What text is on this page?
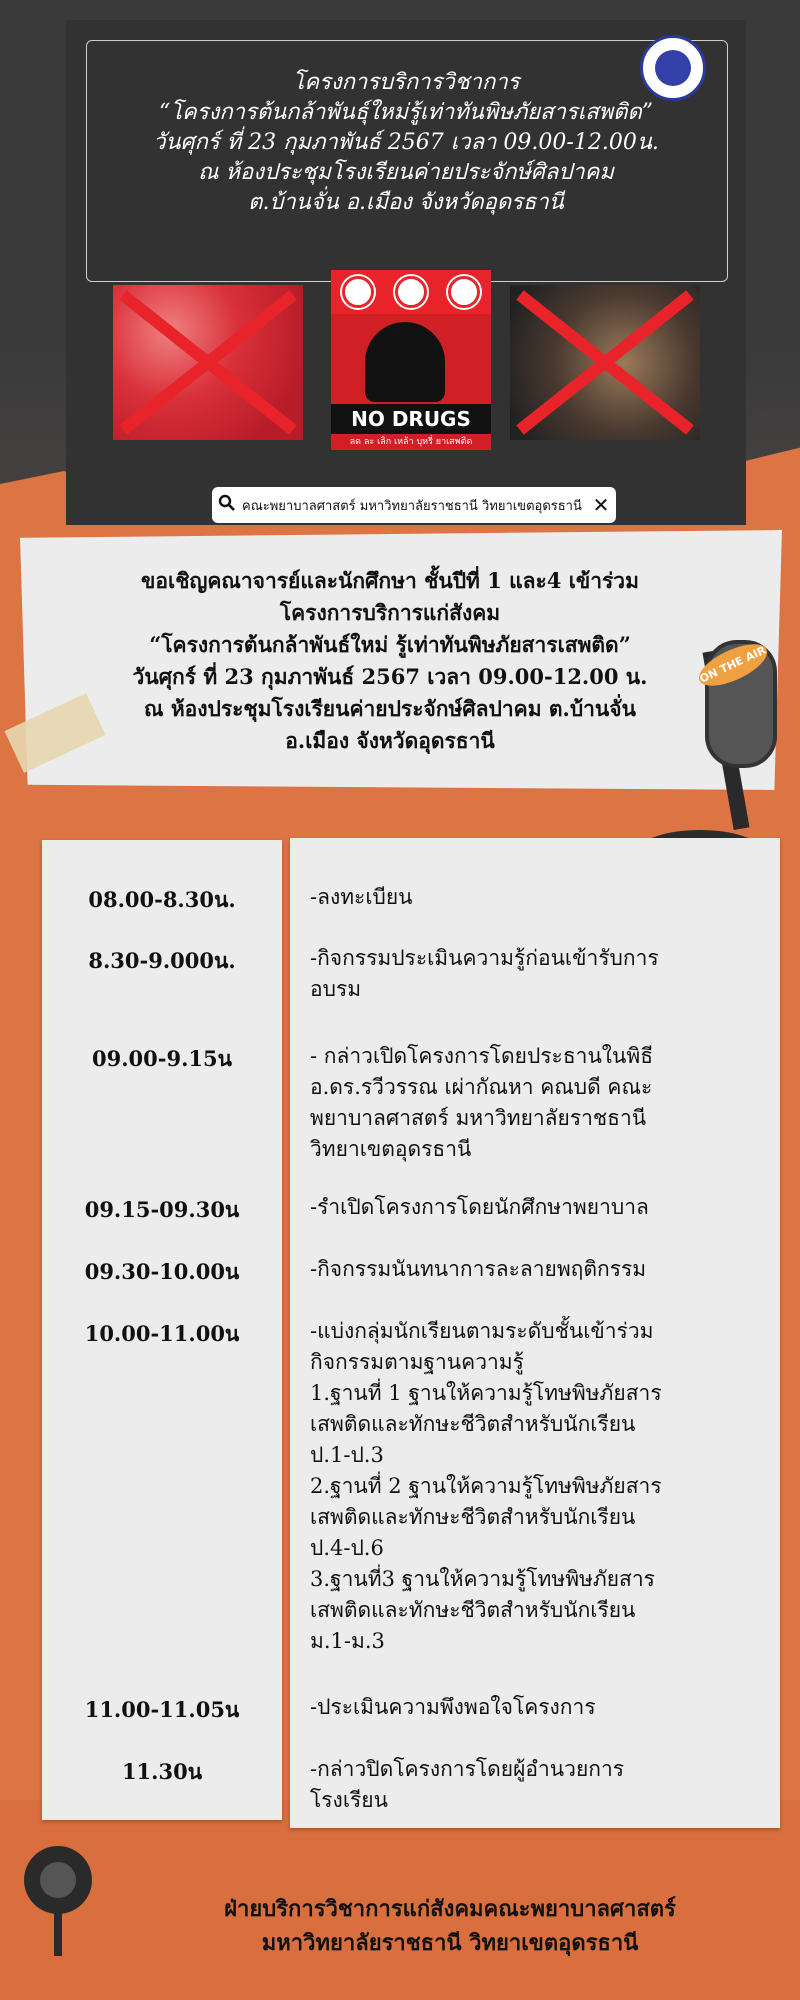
โครงการบริการวิชาการ
“โครงการต้นกล้าพันธุ์ใหม่รู้เท่าทันพิษภัยสารเสพติด”
วันศุกร์ ที่ 23 กุมภาพันธ์ 2567 เวลา 09.00-12.00น.
ณ ห้องประชุมโรงเรียนค่ายประจักษ์ศิลปาคม
ต.บ้านจั่น อ.เมือง จังหวัดอุดรธานี
NO DRUGS
ลด ละ เลิก เหล้า บุหรี่ ยาเสพติด
คณะพยาบาลศาสตร์ มหาวิทยาลัยราชธานี วิทยาเขตอุดรธานี ✕
ขอเชิญคณาจารย์และนักศึกษา ชั้นปีที่ 1 และ4 เข้าร่วม
โครงการบริการแก่สังคม
“โครงการต้นกล้าพันธ์ใหม่ รู้เท่าทันพิษภัยสารเสพติด”
วันศุกร์ ที่ 23 กุมภาพันธ์ 2567 เวลา 09.00-12.00 น.
ณ ห้องประชุมโรงเรียนค่ายประจักษ์ศิลปาคม ต.บ้านจั่น
อ.เมือง จังหวัดอุดรธานี
ON THE AIR
08.00-8.30น.	-ลงทะเบียน
8.30-9.000น.	-กิจกรรมประเมินความรู้ก่อนเข้ารับการ
อบรม
09.00-9.15น	- กล่าวเปิดโครงการโดยประธานในพิธี
อ.ดร.รวีวรรณ เผ่ากัณหา คณบดี คณะ
พยาบาลศาสตร์ มหาวิทยาลัยราชธานี
วิทยาเขตอุดรธานี
09.15-09.30น	-รำเปิดโครงการโดยนักศึกษาพยาบาล
09.30-10.00น	-กิจกรรมนันทนาการละลายพฤติกรรม
10.00-11.00น	-แบ่งกลุ่มนักเรียนตามระดับชั้นเข้าร่วม
กิจกรรมตามฐานความรู้
1.ฐานที่ 1 ฐานให้ความรู้โทษพิษภัยสาร
เสพติดและทักษะชีวิตสำหรับนักเรียน
ป.1-ป.3
2.ฐานที่ 2 ฐานให้ความรู้โทษพิษภัยสาร
เสพติดและทักษะชีวิตสำหรับนักเรียน
ป.4-ป.6
3.ฐานที่3 ฐานให้ความรู้โทษพิษภัยสาร
เสพติดและทักษะชีวิตสำหรับนักเรียน
ม.1-ม.3
11.00-11.05น	-ประเมินความพึงพอใจโครงการ
11.30น	-กล่าวปิดโครงการโดยผู้อำนวยการ
โรงเรียน
ฝ่ายบริการวิชาการแก่สังคมคณะพยาบาลศาสตร์
มหาวิทยาลัยราชธานี วิทยาเขตอุดรธานี
